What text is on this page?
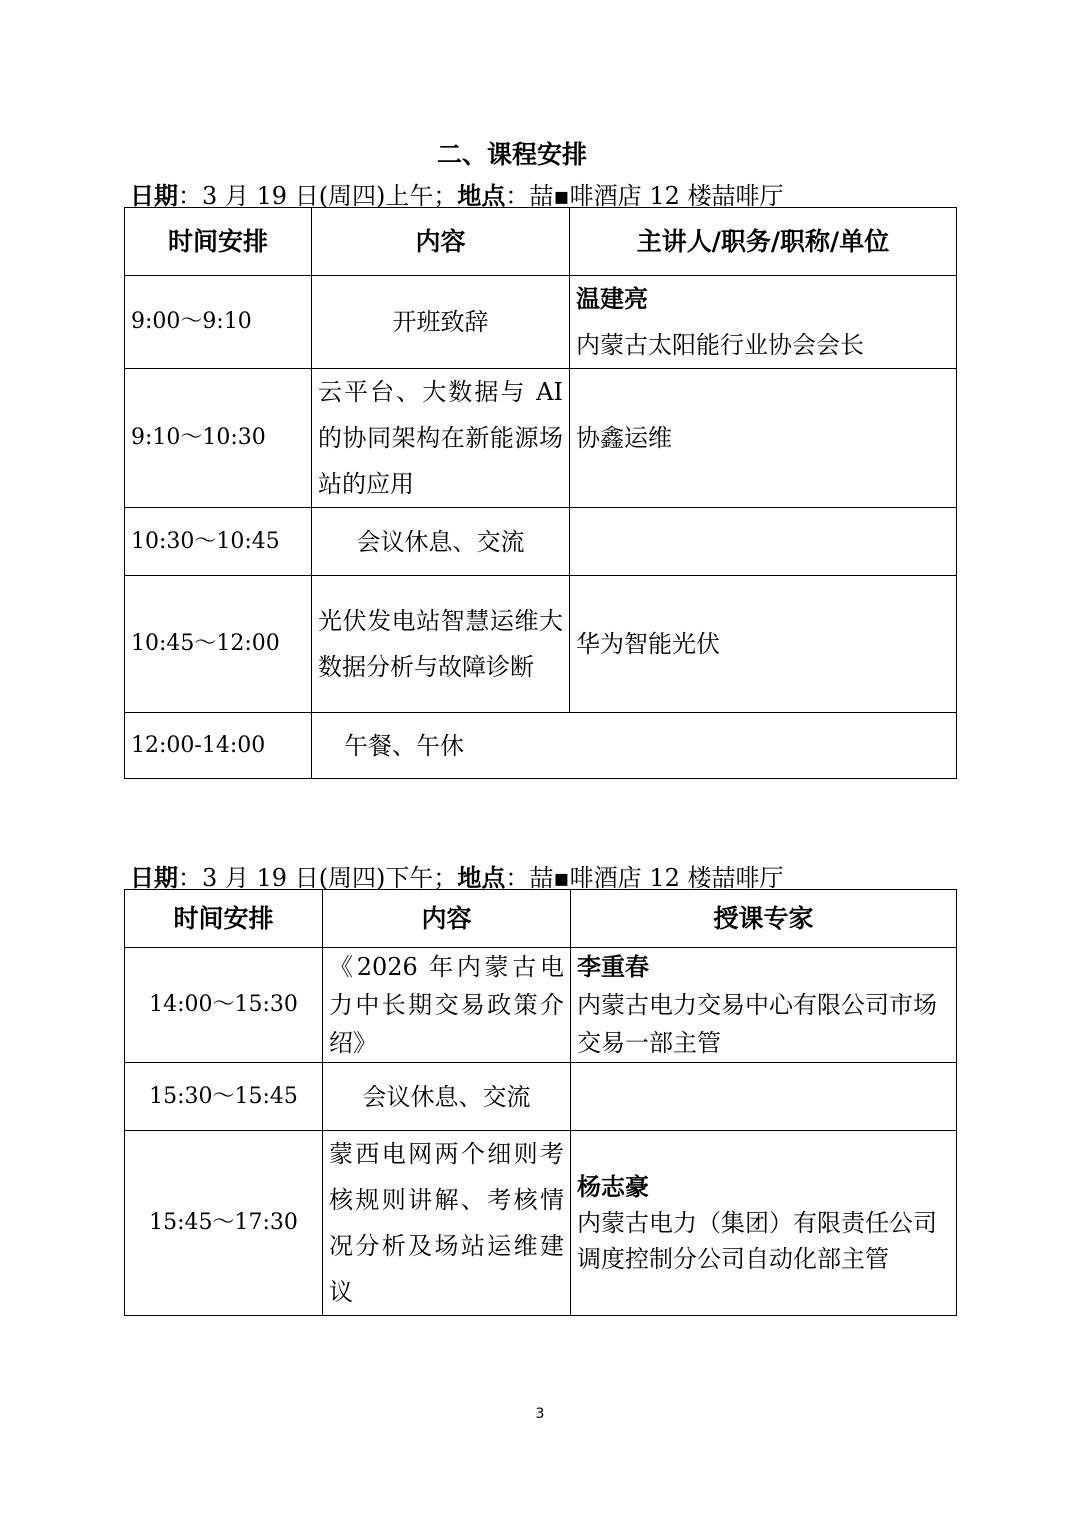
二、课程安排
日期：3 月 19 日(周四)上午；地点：喆▪啡酒店 12 楼喆啡厅
时间安排	内容	主讲人/职务/职称/单位
9:00～9:10	开班致辞	温建亮
内蒙古太阳能行业协会会长

9:10～10:30	云平台、大数据与 AI 的协同架构在新能源场站的应用	协鑫运维

10:30～10:45	会议休息、交流	
10:45～12:00	光伏发电站智慧运维大数据分析与故障诊断	华为智能光伏

12:00-14:00	午餐、午休	
日期：3 月 19 日(周四)下午；地点：喆▪啡酒店 12 楼喆啡厅
时间安排	内容	授课专家
14:00～15:30	《2026 年内蒙古电力中长期交易政策介绍》	李重春
内蒙古电力交易中心有限公司市场交易一部主管

15:30～15:45	会议休息、交流	
15:45～17:30	蒙西电网两个细则考核规则讲解、考核情况分析及场站运维建议	杨志豪
内蒙古电力（集团）有限责任公司调度控制分公司自动化部主管
3
